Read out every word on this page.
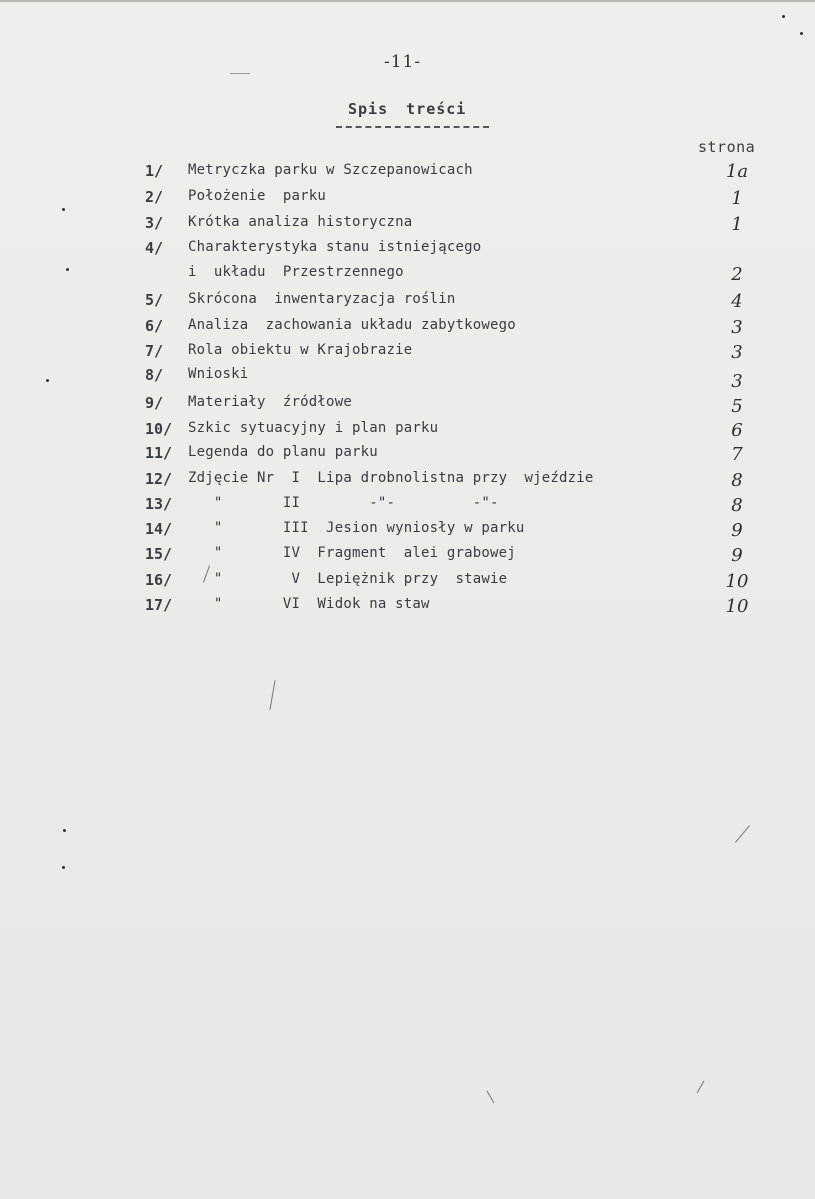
-11-
Spis treści
strona
1/	Metryczka parku w Szczepanowicach	1a
2/	Położenie  parku	1
3/	Krótka analiza historyczna	1
4/	Charakterystyka stanu istniejącego
i  układu  Przestrzennego	2
5/	Skrócona  inwentaryzacja roślin	4
6/	Analiza  zachowania układu zabytkowego	3
7/	Rola obiektu w Krajobrazie	3
8/	Wnioski	3
9/	Materiały  źródłowe	5
10/	Szkic sytuacyjny i plan parku	6
11/	Legenda do planu parku	7
12/	Zdjęcie Nr  I  Lipa drobnolistna przy  wjeździe	8
13/	"       II        -"-         -"-	8
14/	"       III  Jesion wyniosły w parku	9
15/	"       IV  Fragment  alei grabowej	9
16/	"        V  Lepiężnik przy  stawie	10
17/	"       VI  Widok na staw	10
